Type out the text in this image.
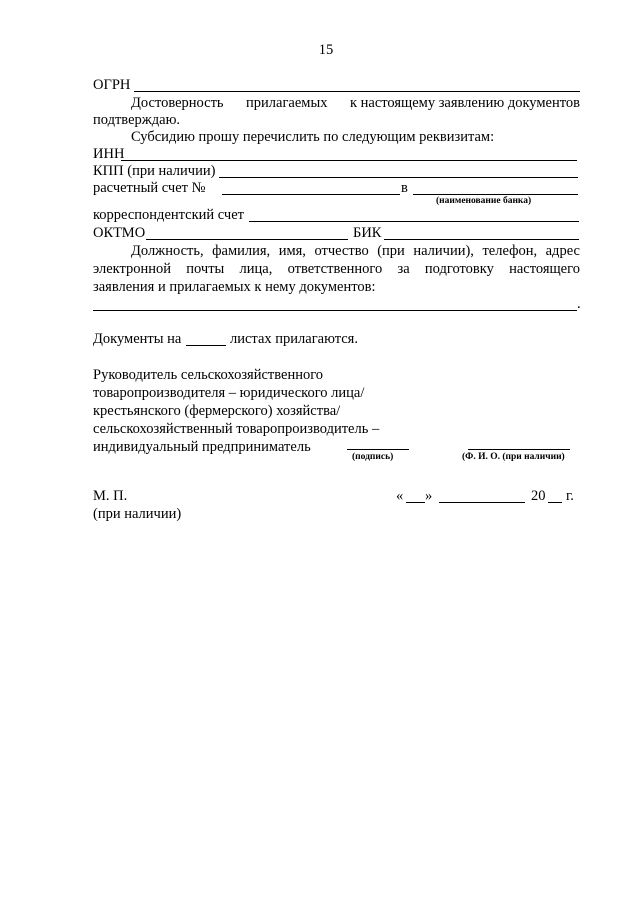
15
ОГРН
Достоверность прилагаемых к настоящему заявлению документов
подтверждаю.
Субсидию прошу перечислить по следующим реквизитам:
ИНН
КПП (при наличии)
расчетный счет №	в
(наименование банка)
корреспондентский счет
ОКТМО	БИК
Должность, фамилия, имя, отчество (при наличии), телефон, адрес
электронной почты лица, ответственного за подготовку настоящего
заявления и прилагаемых к нему документов:
.
Документы на	листах прилагаются.
Руководитель сельскохозяйственного
товаропроизводителя – юридического лица/
крестьянского (фермерского) хозяйства/
сельскохозяйственный товаропроизводитель –
индивидуальный предприниматель
(подпись)	(Ф. И. О. (при наличии)
М. П.
(при наличии)
« »	20 г.
